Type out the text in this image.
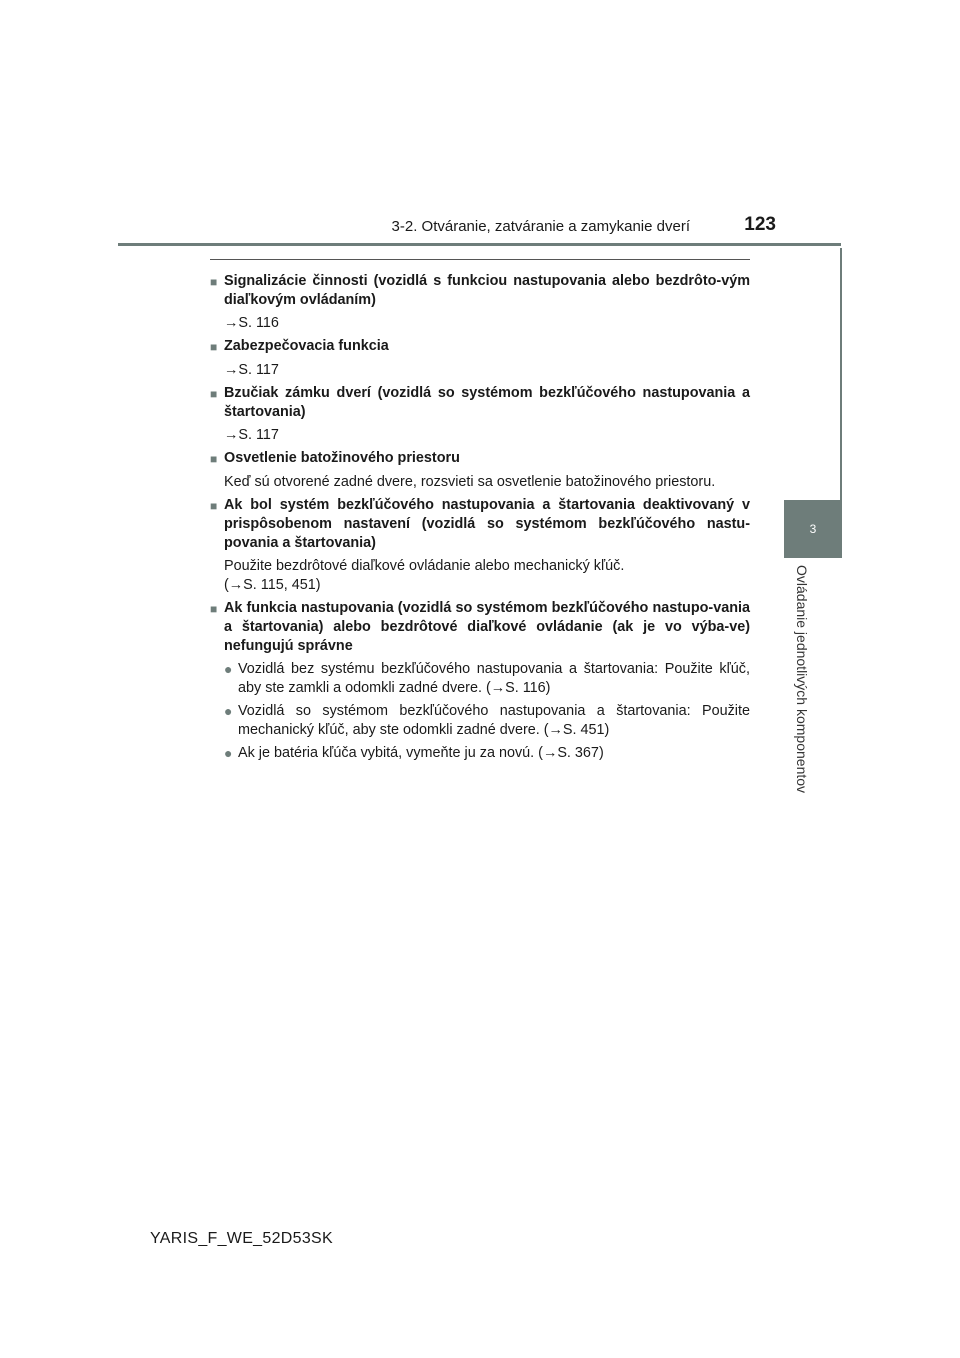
3-2. Otváranie, zatváranie a zamykanie dverí	123
3
Ovládanie jednotlivých komponentov
■ Signalizácie činnosti (vozidlá s funkciou nastupovania alebo bezdrôto-vým diaľkovým ovládaním)
→S. 116
■ Zabezpečovacia funkcia
→S. 117
■ Bzučiak zámku dverí (vozidlá so systémom bezkľúčového nastupovania a štartovania)
→S. 117
■ Osvetlenie batožinového priestoru
Keď sú otvorené zadné dvere, rozsvieti sa osvetlenie batožinového priestoru.
■ Ak bol systém bezkľúčového nastupovania a štartovania deaktivovaný v prispôsobenom nastavení (vozidlá so systémom bezkľúčového nastu-povania a štartovania)
Použite bezdrôtové diaľkové ovládanie alebo mechanický kľúč.
(→S. 115, 451)
■ Ak funkcia nastupovania (vozidlá so systémom bezkľúčového nastupo-vania a štartovania) alebo bezdrôtové diaľkové ovládanie (ak je vo výba-ve) nefungujú správne
● Vozidlá bez systému bezkľúčového nastupovania a štartovania: Použite kľúč, aby ste zamkli a odomkli zadné dvere. (→S. 116)
● Vozidlá so systémom bezkľúčového nastupovania a štartovania: Použite mechanický kľúč, aby ste odomkli zadné dvere. (→S. 451)
● Ak je batéria kľúča vybitá, vymeňte ju za novú. (→S. 367)
YARIS_F_WE_52D53SK
